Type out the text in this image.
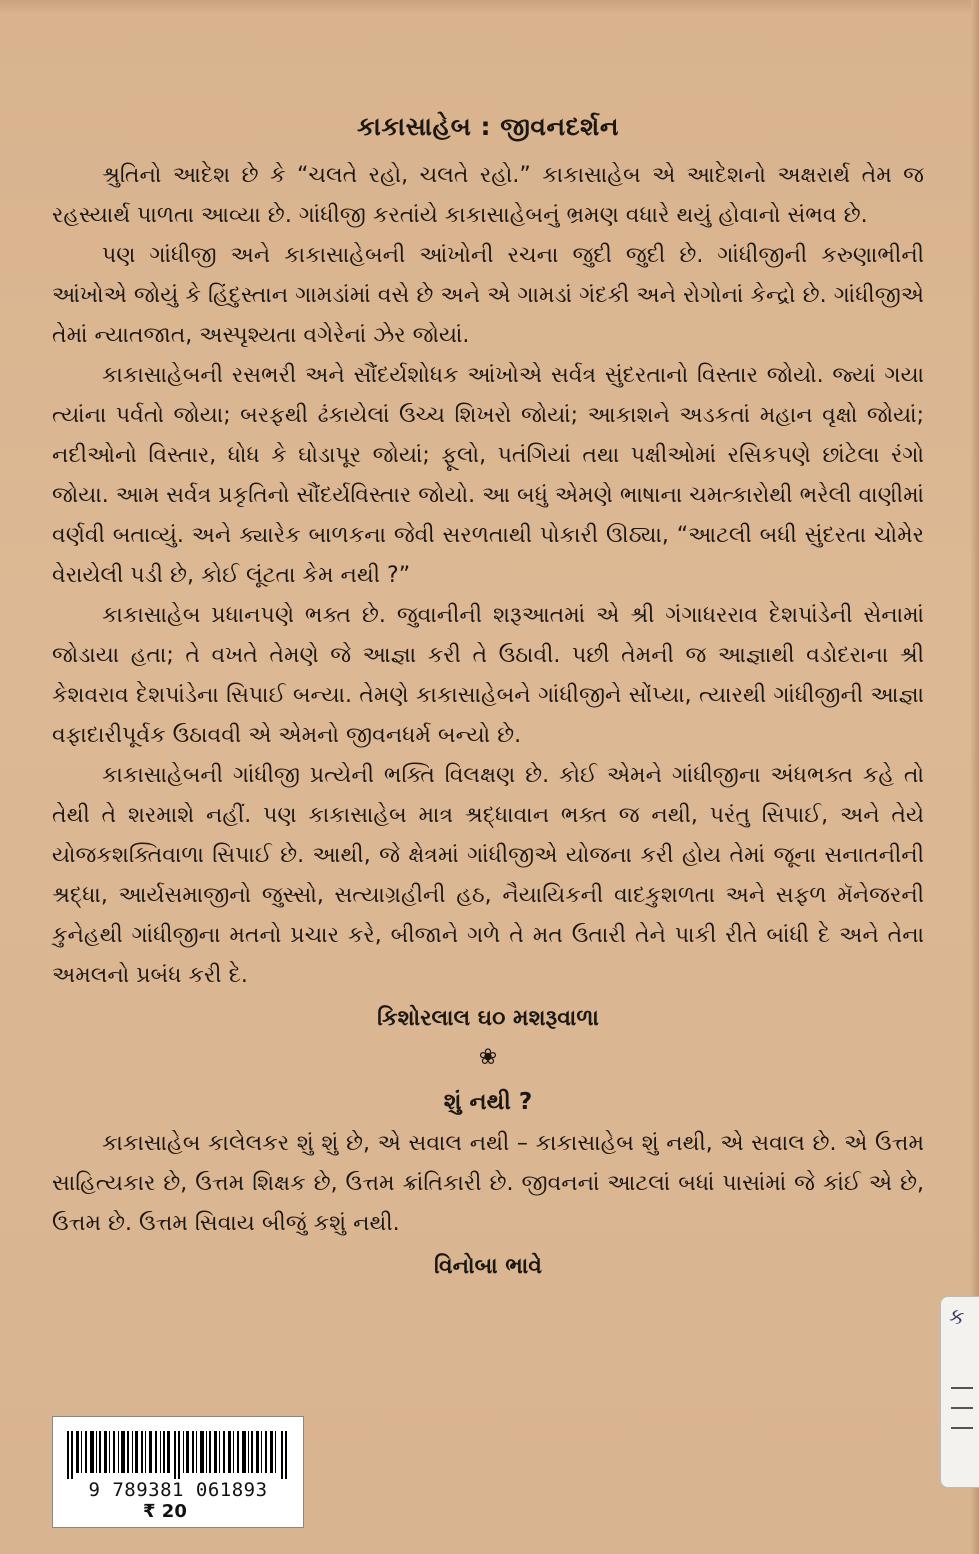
કાકાસાહેબ : જીવનદર્શન

શ્રુતિનો આદેશ છે કે “ચલતે રહો, ચલતે રહો.” કાકાસાહેબ એ આદેશનો અક્ષરાર્થ તેમ જ રહસ્યાર્થ પાળતા આવ્યા છે. ગાંધીજી કરતાંયે કાકાસાહેબનું ભ્રમણ વધારે થયું હોવાનો સંભવ છે.

પણ ગાંધીજી અને કાકાસાહેબની આંખોની રચના જુદી જુદી છે. ગાંધીજીની કરુણાભીની આંખોએ જોયું કે હિંદુસ્તાન ગામડાંમાં વસે છે અને એ ગામડાં ગંદકી અને રોગોનાં કેન્દ્રો છે. ગાંધીજીએ તેમાં ન્યાતજાત, અસ્પૃશ્યતા વગેરેનાં ઝેર જોયાં.

કાકાસાહેબની રસભરી અને સૌંદર્યશોધક આંખોએ સર્વત્ર સુંદરતાનો વિસ્તાર જોયો. જ્યાં ગયા ત્યાંના પર્વતો જોયા; બરફથી ઢંકાયેલાં ઉચ્ચ શિખરો જોયાં; આકાશને અડકતાં મહાન વૃક્ષો જોયાં; નદીઓનો વિસ્તાર, ધોધ કે ઘોડાપૂર જોયાં; ફૂલો, પતંગિયાં તથા પક્ષીઓમાં રસિકપણે છાંટેલા રંગો જોયા. આમ સર્વત્ર પ્રકૃતિનો સૌંદર્યવિસ્તાર જોયો. આ બધું એમણે ભાષાના ચમત્કારોથી ભરેલી વાણીમાં વર્ણવી બતાવ્યું. અને ક્યારેક બાળકના જેવી સરળતાથી પોકારી ઊઠ્યા, “આટલી બધી સુંદરતા ચોમેર વેરાયેલી પડી છે, કોઈ લૂંટતા કેમ નથી ?”

કાકાસાહેબ પ્રધાનપણે ભક્ત છે. જુવાનીની શરૂઆતમાં એ શ્રી ગંગાધરરાવ દેશપાંડેની સેનામાં જોડાયા હતા; તે વખતે તેમણે જે આજ્ઞા કરી તે ઉઠાવી. પછી તેમની જ આજ્ઞાથી વડોદરાના શ્રી કેશવરાવ દેશપાંડેના સિપાઈ બન્યા. તેમણે કાકાસાહેબને ગાંધીજીને સોંપ્યા, ત્યારથી ગાંધીજીની આજ્ઞા વફાદારીપૂર્વક ઉઠાવવી એ એમનો જીવનધર્મ બન્યો છે.

કાકાસાહેબની ગાંધીજી પ્રત્યેની ભક્તિ વિલક્ષણ છે. કોઈ એમને ગાંધીજીના અંધભક્ત કહે તો તેથી તે શરમાશે નહીં. પણ કાકાસાહેબ માત્ર શ્રદ્ધાવાન ભક્ત જ નથી, પરંતુ સિપાઈ, અને તેયે યોજકશક્તિવાળા સિપાઈ છે. આથી, જે ક્ષેત્રમાં ગાંધીજીએ યોજના કરી હોય તેમાં જૂના સનાતનીની શ્રદ્ધા, આર્યસમાજીનો જુસ્સો, સત્યાગ્રહીની હઠ, નૈયાયિકની વાદકુશળતા અને સફળ મૅનેજરની કુનેહથી ગાંધીજીના મતનો પ્રચાર કરે, બીજાને ગળે તે મત ઉતારી તેને પાકી રીતે બાંધી દે અને તેના અમલનો પ્રબંધ કરી દે.

કિશોરલાલ ઘ૦ મશરૂવાળા
❀
શું નથી ?

કાકાસાહેબ કાલેલકર શું શું છે, એ સવાલ નથી – કાકાસાહેબ શું નથી, એ સવાલ છે. એ ઉત્તમ સાહિત્યકાર છે, ઉત્તમ શિક્ષક છે, ઉત્તમ ક્રાંતિકારી છે. જીવનનાં આટલાં બધાં પાસાંમાં જે કાંઈ એ છે, ઉત્તમ છે. ઉત્તમ સિવાય બીજું કશું નથી.

વિનોબા ભાવે
9 789381 061893
₹ 20
ક
